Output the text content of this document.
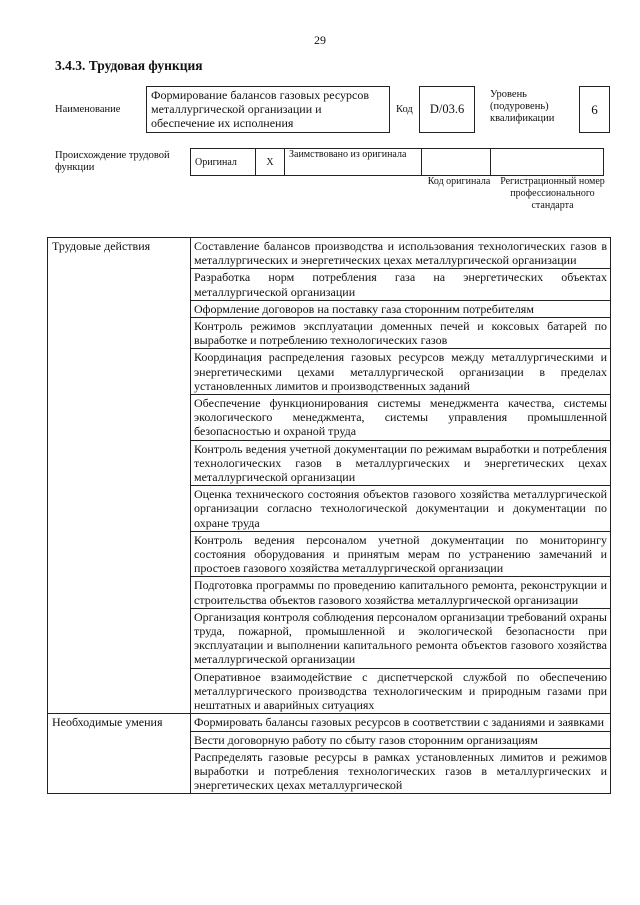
29
3.4.3. Трудовая функция
Наименование
Формирование балансов газовых ресурсов металлургической организации и обеспечение их исполнения
Код	D/03.6
Уровень (подуровень) квалификации
6
Происхождение трудовой функции	Оригинал	X	Заимствовано из оригинала		
Код оригинала Регистрационный номер профессионального стандарта
Трудовые действия	Составление балансов производства и использования технологических газов в металлургических и энергетических цехах металлургической организации
	Разработка норм потребления газа на энергетических объектах металлургической организации
	Оформление договоров на поставку газа сторонним потребителям
	Контроль режимов эксплуатации доменных печей и коксовых батарей по выработке и потреблению технологических газов
	Координация распределения газовых ресурсов между металлургическими и энергетическими цехами металлургической организации в пределах установленных лимитов и производственных заданий
	Обеспечение функционирования системы менеджмента качества, системы экологического менеджмента, системы управления промышленной безопасностью и охраной труда
	Контроль ведения учетной документации по режимам выработки и потребления технологических газов в металлургических и энергетических цехах металлургической организации
	Оценка технического состояния объектов газового хозяйства металлургической организации согласно технологической документации и документации по охране труда
	Контроль ведения персоналом учетной документации по мониторингу состояния оборудования и принятым мерам по устранению замечаний и простоев газового хозяйства металлургической организации
	Подготовка программы по проведению капитального ремонта, реконструкции и строительства объектов газового хозяйства металлургической организации
	Организация контроля соблюдения персоналом организации требований охраны труда, пожарной, промышленной и экологической безопасности при эксплуатации и выполнении капитального ремонта объектов газового хозяйства металлургической организации
	Оперативное взаимодействие с диспетчерской службой по обеспечению металлургического производства технологическим и природным газами при нештатных и аварийных ситуациях
Необходимые умения	Формировать балансы газовых ресурсов в соответствии с заданиями и заявками
	Вести договорную работу по сбыту газов сторонним организациям
	Распределять газовые ресурсы в рамках установленных лимитов и режимов выработки и потребления технологических газов в металлургических и энергетических цехах металлургической
